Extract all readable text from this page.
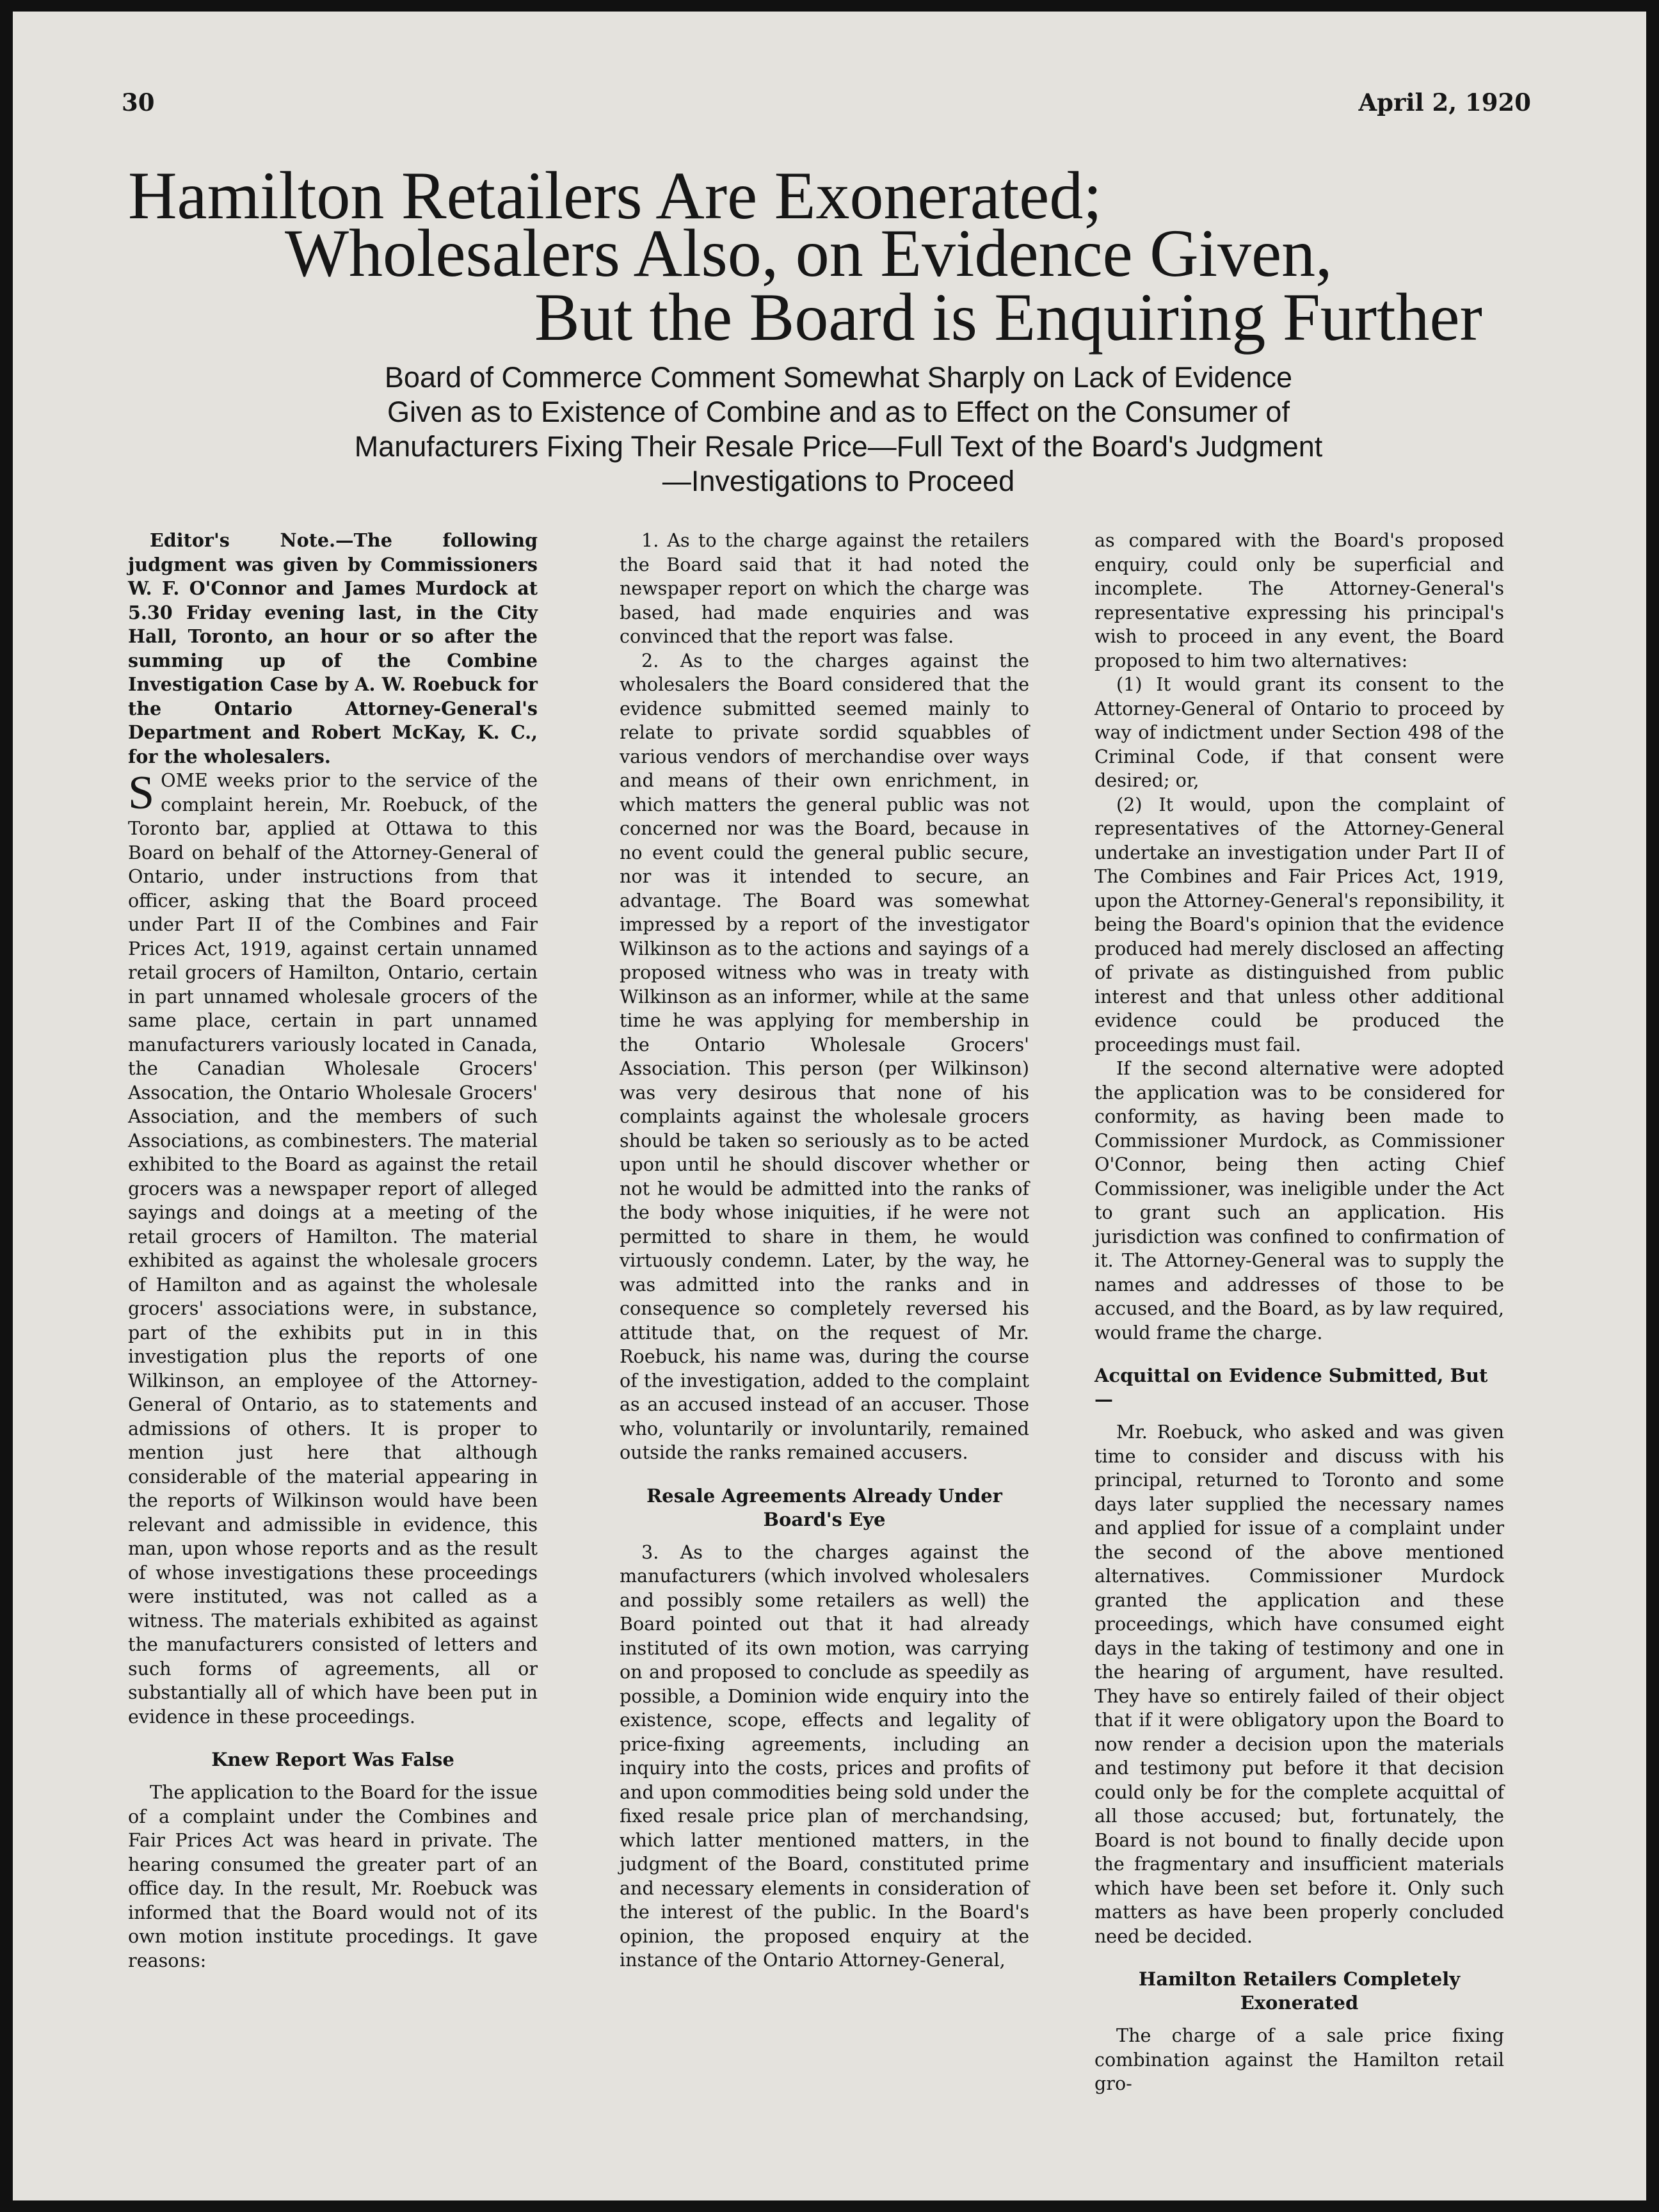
30	April 2, 1920
Hamilton Retailers Are Exonerated;
Wholesalers Also, on Evidence Given,
But the Board is Enquiring Further
Board of Commerce Comment Somewhat Sharply on Lack of Evidence Given as to Existence of Combine and as to Effect on the Consumer of Manufacturers Fixing Their Resale Price—Full Text of the Board's Judgment—Investigations to Proceed

Editor's Note.—The following judgment was given by Commissioners W. F. O'Connor and James Murdock at 5.30 Friday evening last, in the City Hall, Toronto, an hour or so after the summing up of the Combine Investigation Case by A. W. Roebuck for the Ontario Attorney-General's Department and Robert McKay, K. C., for the wholesalers.

SOME weeks prior to the service of the complaint herein, Mr. Roebuck, of the Toronto bar, applied at Ottawa to this Board on behalf of the Attorney-General of Ontario, under instructions from that officer, asking that the Board proceed under Part II of the Combines and Fair Prices Act, 1919, against certain unnamed retail grocers of Hamilton, Ontario, certain in part unnamed wholesale grocers of the same place, certain in part unnamed manufacturers variously located in Canada, the Canadian Wholesale Grocers' Assocation, the Ontario Wholesale Grocers' Association, and the members of such Associations, as combinesters. The material exhibited to the Board as against the retail grocers was a newspaper report of alleged sayings and doings at a meeting of the retail grocers of Hamilton. The material exhibited as against the wholesale grocers of Hamilton and as against the wholesale grocers' associations were, in substance, part of the exhibits put in in this investigation plus the reports of one Wilkinson, an employee of the Attorney-General of Ontario, as to statements and admissions of others. It is proper to mention just here that although considerable of the material appearing in the reports of Wilkinson would have been relevant and admissible in evidence, this man, upon whose reports and as the result of whose investigations these proceedings were instituted, was not called as a witness. The materials exhibited as against the manufacturers consisted of letters and such forms of agreements, all or substantially all of which have been put in evidence in these proceedings.

Knew Report Was False

The application to the Board for the issue of a complaint under the Combines and Fair Prices Act was heard in private. The hearing consumed the greater part of an office day. In the result, Mr. Roebuck was informed that the Board would not of its own motion institute procedings. It gave reasons:

1. As to the charge against the retailers the Board said that it had noted the newspaper report on which the charge was based, had made enquiries and was convinced that the report was false.

2. As to the charges against the wholesalers the Board considered that the evidence submitted seemed mainly to relate to private sordid squabbles of various vendors of merchandise over ways and means of their own enrichment, in which matters the general public was not concerned nor was the Board, because in no event could the general public secure, nor was it intended to secure, an advantage. The Board was somewhat impressed by a report of the investigator Wilkinson as to the actions and sayings of a proposed witness who was in treaty with Wilkinson as an informer, while at the same time he was applying for membership in the Ontario Wholesale Grocers' Association. This person (per Wilkinson) was very desirous that none of his complaints against the wholesale grocers should be taken so seriously as to be acted upon until he should discover whether or not he would be admitted into the ranks of the body whose iniquities, if he were not permitted to share in them, he would virtuously condemn. Later, by the way, he was admitted into the ranks and in consequence so completely reversed his attitude that, on the request of Mr. Roebuck, his name was, during the course of the investigation, added to the complaint as an accused instead of an accuser. Those who, voluntarily or involuntarily, remained outside the ranks remained accusers.

Resale Agreements Already Under Board's Eye

3. As to the charges against the manufacturers (which involved wholesalers and possibly some retailers as well) the Board pointed out that it had already instituted of its own motion, was carrying on and proposed to conclude as speedily as possible, a Dominion wide enquiry into the existence, scope, effects and legality of price-fixing agreements, including an inquiry into the costs, prices and profits of and upon commodities being sold under the fixed resale price plan of merchandsing, which latter mentioned matters, in the judgment of the Board, constituted prime and necessary elements in consideration of the interest of the public. In the Board's opinion, the proposed enquiry at the instance of the Ontario Attorney-General,

as compared with the Board's proposed enquiry, could only be superficial and incomplete. The Attorney-General's representative expressing his principal's wish to proceed in any event, the Board proposed to him two alternatives:

(1) It would grant its consent to the Attorney-General of Ontario to proceed by way of indictment under Section 498 of the Criminal Code, if that consent were desired; or,

(2) It would, upon the complaint of representatives of the Attorney-General undertake an investigation under Part II of The Combines and Fair Prices Act, 1919, upon the Attorney-General's reponsibility, it being the Board's opinion that the evidence produced had merely disclosed an affecting of private as distinguished from public interest and that unless other additional evidence could be produced the proceedings must fail.

If the second alternative were adopted the application was to be considered for conformity, as having been made to Commissioner Murdock, as Commissioner O'Connor, being then acting Chief Commissioner, was ineligible under the Act to grant such an application. His jurisdiction was confined to confirmation of it. The Attorney-General was to supply the names and addresses of those to be accused, and the Board, as by law required, would frame the charge.

Acquittal on Evidence Submitted, But—

Mr. Roebuck, who asked and was given time to consider and discuss with his principal, returned to Toronto and some days later supplied the necessary names and applied for issue of a complaint under the second of the above mentioned alternatives. Commissioner Murdock granted the application and these proceedings, which have consumed eight days in the taking of testimony and one in the hearing of argument, have resulted. They have so entirely failed of their object that if it were obligatory upon the Board to now render a decision upon the materials and testimony put before it that decision could only be for the complete acquittal of all those accused; but, fortunately, the Board is not bound to finally decide upon the fragmentary and insufficient materials which have been set before it. Only such matters as have been properly concluded need be decided.

Hamilton Retailers Completely Exonerated

The charge of a sale price fixing combination against the Hamilton retail gro-
